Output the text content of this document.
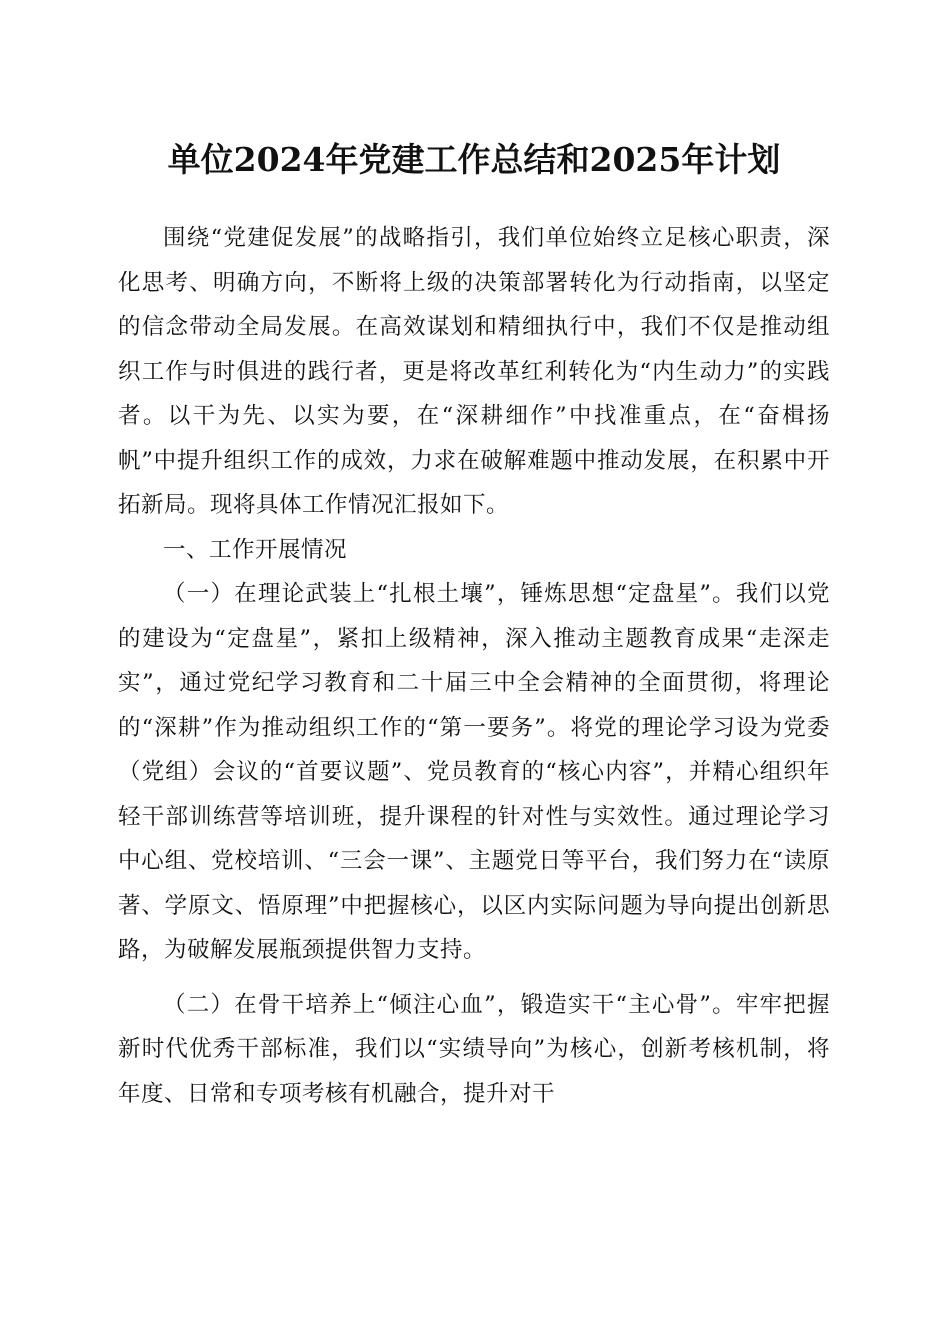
单位2024年党建工作总结和2025年计划

围绕“党建促发展”的战略指引，我们单位始终立足核心职责，深化思考、明确方向，不断将上级的决策部署转化为行动指南，以坚定的信念带动全局发展。在高效谋划和精细执行中，我们不仅是推动组织工作与时俱进的践行者，更是将改革红利转化为“内生动力”的实践者。以干为先、以实为要，在“深耕细作”中找准重点，在“奋楫扬帆”中提升组织工作的成效，力求在破解难题中推动发展，在积累中开拓新局。现将具体工作情况汇报如下。

一、工作开展情况

（一）在理论武装上“扎根土壤”，锤炼思想“定盘星”。我们以党的建设为“定盘星”，紧扣上级精神，深入推动主题教育成果“走深走实”，通过党纪学习教育和二十届三中全会精神的全面贯彻，将理论的“深耕”作为推动组织工作的“第一要务”。将党的理论学习设为党委（党组）会议的“首要议题”、党员教育的“核心内容”，并精心组织年轻干部训练营等培训班，提升课程的针对性与实效性。通过理论学习中心组、党校培训、“三会一课”、主题党日等平台，我们努力在“读原著、学原文、悟原理”中把握核心，以区内实际问题为导向提出创新思路，为破解发展瓶颈提供智力支持。

（二）在骨干培养上“倾注心血”，锻造实干“主心骨”。牢牢把握新时代优秀干部标准，我们以“实绩导向”为核心，创新考核机制，将年度、日常和专项考核有机融合，提升对干
